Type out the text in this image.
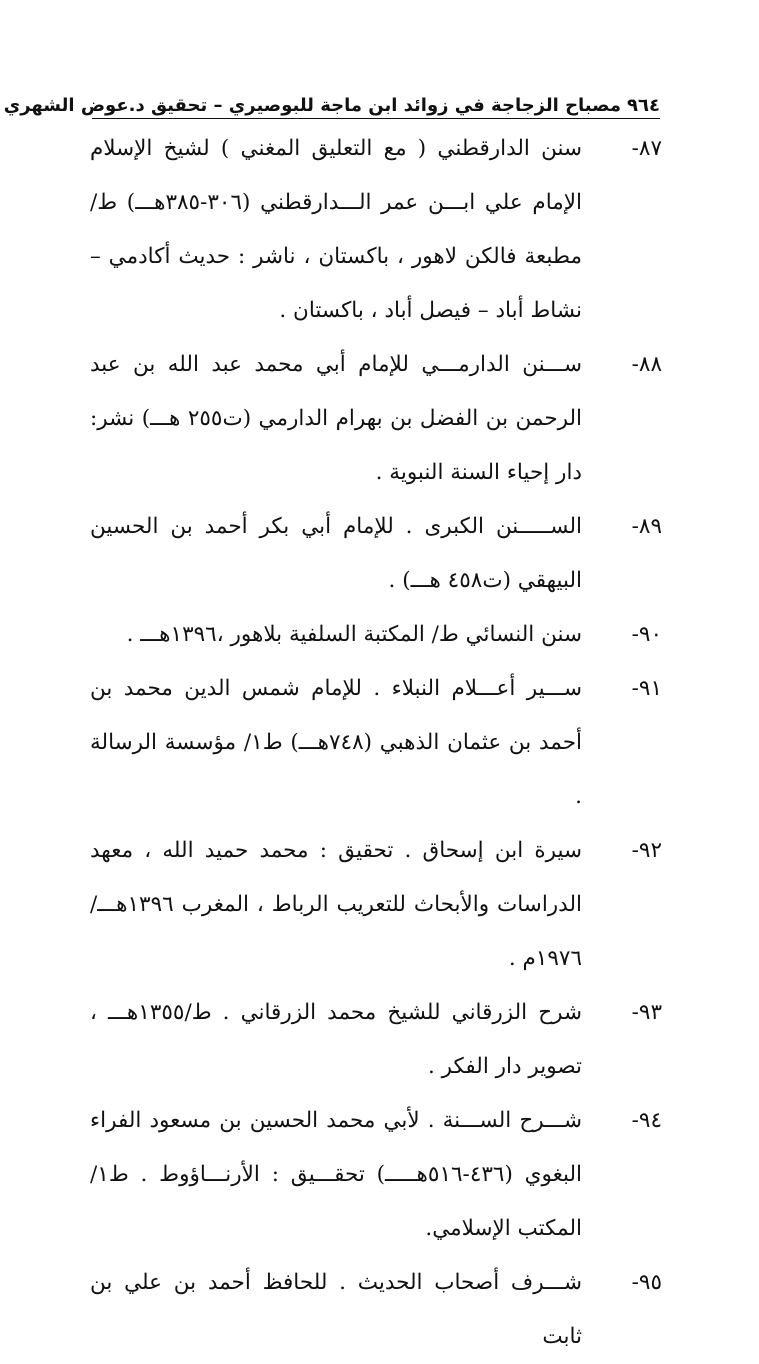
٩٦٤
مصباح الزجاجة في زوائد ابن ماجة للبوصيري – تحقيق د.عوض الشهري
٨٧-
سنن الدارقطني ( مع التعليق المغني ) لشيخ الإسلام الإمام علي ابـــن عمر الـــدارقطني (٣٠٦-٣٨٥هـــ) ط/ مطبعة فالكن لاهور ، باكستان ، ناشر : حديث أكادمي – نشاط أباد – فيصل أباد ، باكستان .
٨٨-
ســـنن الدارمـــي للإمام أبي محمد عبد الله بن عبد الرحمن بن الفضل بن بهرام الدارمي (ت٢٥٥ هـــ) نشر: دار إحياء السنة النبوية .
٨٩-
الســـــنن الكبرى . للإمام أبي بكر أحمد بن الحسين البيهقي (ت٤٥٨ هـــ) .
٩٠-
سنن النسائي ط/ المكتبة السلفية بلاهور ،١٣٩٦هـــ .
٩١-
ســـير أعـــلام النبلاء . للإمام شمس الدين محمد بن أحمد بن عثمان الذهبي (٧٤٨هـــ) ط١/ مؤسسة الرسالة .
٩٢-
سيرة ابن إسحاق . تحقيق : محمد حميد الله ، معهد الدراسات والأبحاث للتعريب الرباط ، المغرب ١٣٩٦هـــ/١٩٧٦م .
٩٣-
شرح الزرقاني للشيخ محمد الزرقاني . ط/١٣٥٥هـــ ، تصوير دار الفكر .
٩٤-
شـــرح الســـنة . لأبي محمد الحسين بن مسعود الفراء البغوي (٤٣٦-٥١٦هـــــ) تحقـــيق : الأرنـــاؤوط . ط١/المكتب الإسلامي.
٩٥-
شـــرف أصحاب الحديث . للحافظ أحمد بن علي بن ثابت
